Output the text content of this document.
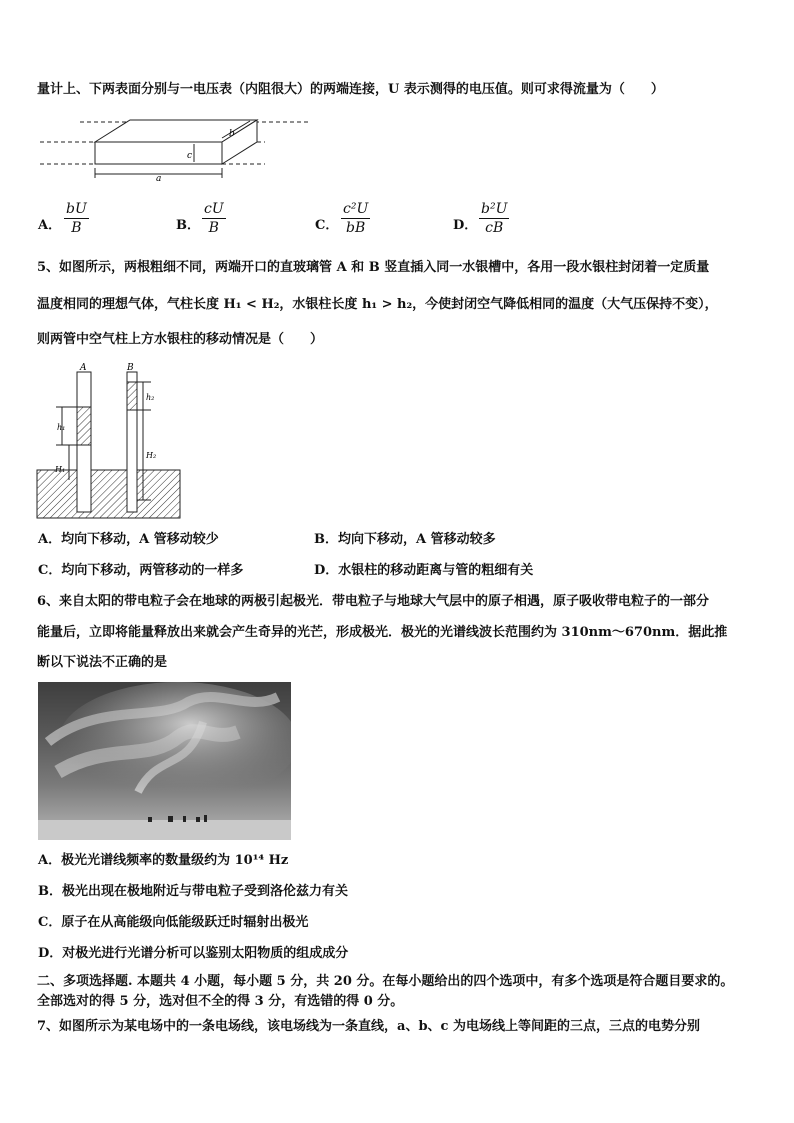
量计上、下两表面分别与一电压表（内阻很大）的两端连接，U 表示测得的电压值。则可求得流量为（　　）
a
b
c
A． $\frac{bU}{B}$	B． $\frac{cU}{B}$	C． $\frac{\text{c²U}}{bB}$	D． $\frac{\text{b²U}}{cB}$
5、如图所示，两根粗细不同，两端开口的直玻璃管 A 和 B 竖直插入同一水银槽中，各用一段水银柱封闭着一定质量
温度相同的理想气体，气柱长度 H₁ < H₂，水银柱长度 h₁ > h₂，今使封闭空气降低相同的温度（大气压保持不变），
则两管中空气柱上方水银柱的移动情况是（　　）
A	B
h₁
H₁
h₂
H₂
A．均向下移动，A 管移动较少	B．均向下移动，A 管移动较多
C．均向下移动，两管移动的一样多	D．水银柱的移动距离与管的粗细有关
6、来自太阳的带电粒子会在地球的两极引起极光．带电粒子与地球大气层中的原子相遇，原子吸收带电粒子的一部分
能量后，立即将能量释放出来就会产生奇异的光芒，形成极光．极光的光谱线波长范围约为 310nm～670nm．据此推
断以下说法不正确的是
A．极光光谱线频率的数量级约为 10¹⁴ Hz
B．极光出现在极地附近与带电粒子受到洛伦兹力有关
C．原子在从高能级向低能级跃迁时辐射出极光
D．对极光进行光谱分析可以鉴别太阳物质的组成成分
二、多项选择题. 本题共 4 小题，每小题 5 分，共 20 分。在每小题给出的四个选项中，有多个选项是符合题目要求的。
全部选对的得 5 分，选对但不全的得 3 分，有选错的得 0 分。
7、如图所示为某电场中的一条电场线，该电场线为一条直线，a、b、c 为电场线上等间距的三点，三点的电势分别
